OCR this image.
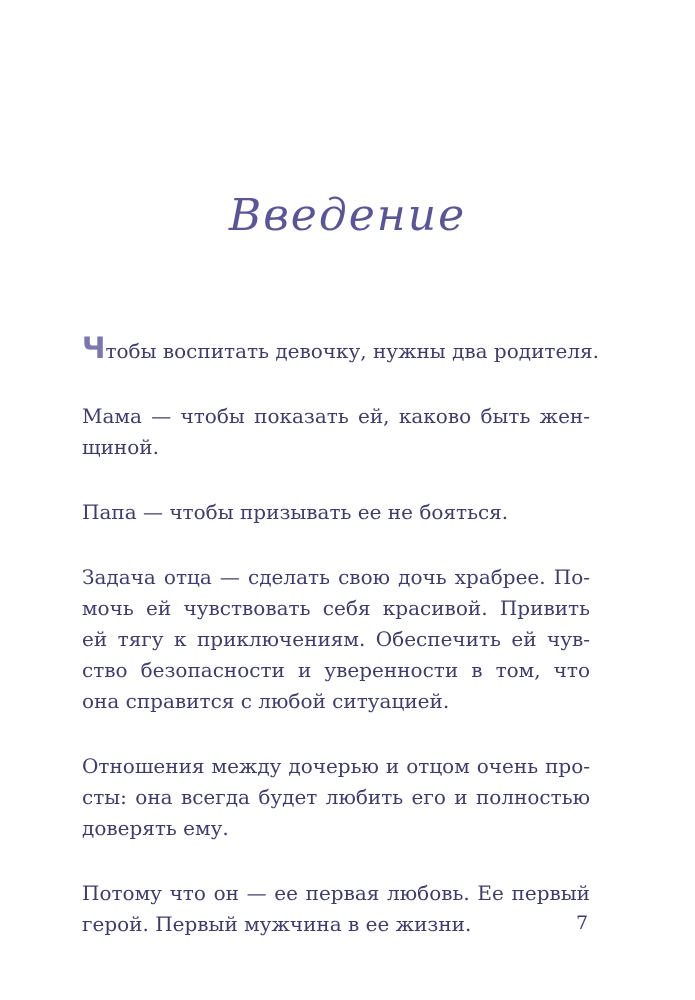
Введение

Чтобы воспитать девочку, нужны два родителя.

Мама — чтобы показать ей, каково быть жен-
щиной.

Папа — чтобы призывать ее не бояться.

Задача отца — сделать свою дочь храбрее. По-
мочь ей чувствовать себя красивой. Привить
ей тягу к приключениям. Обеспечить ей чув-
ство безопасности и уверенности в том, что
она справится с любой ситуацией.

Отношения между дочерью и отцом очень про-
сты: она всегда будет любить его и полностью
доверять ему.

Потому что он — ее первая любовь. Ее первый
герой. Первый мужчина в ее жизни.	7
